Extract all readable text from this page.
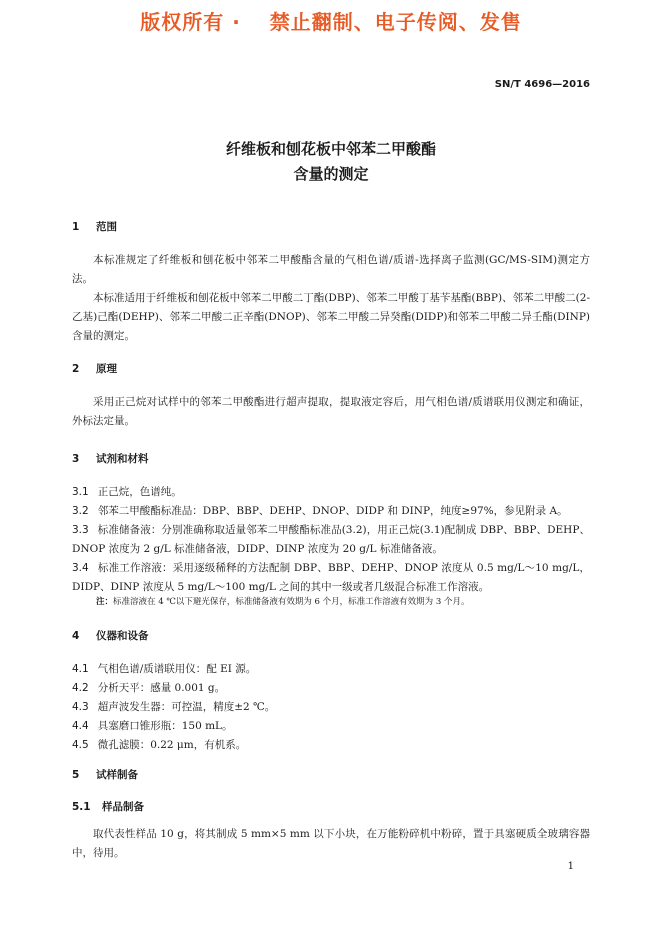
版权所有 ·　 禁止翻制、电子传阅、发售
SN/T 4696—2016
纤维板和刨花板中邻苯二甲酸酯
含量的测定
1 范围
本标准规定了纤维板和刨花板中邻苯二甲酸酯含量的气相色谱/质谱-选择离子监测(GC/MS-SIM)测定方法。
本标准适用于纤维板和刨花板中邻苯二甲酸二丁酯(DBP)、邻苯二甲酸丁基苄基酯(BBP)、邻苯二甲酸二(2-乙基)己酯(DEHP)、邻苯二甲酸二正辛酯(DNOP)、邻苯二甲酸二异癸酯(DIDP)和邻苯二甲酸二异壬酯(DINP)含量的测定。
2 原理
采用正己烷对试样中的邻苯二甲酸酯进行超声提取，提取液定容后，用气相色谱/质谱联用仪测定和确证，外标法定量。
3 试剂和材料
3.1 正己烷，色谱纯。
3.2 邻苯二甲酸酯标准品：DBP、BBP、DEHP、DNOP、DIDP 和 DINP，纯度≥97%，参见附录 A。
3.3 标准储备液：分别准确称取适量邻苯二甲酸酯标准品(3.2)，用正己烷(3.1)配制成 DBP、BBP、DEHP、DNOP 浓度为 2 g/L 标准储备液，DIDP、DINP 浓度为 20 g/L 标准储备液。
3.4 标准工作溶液：采用逐级稀释的方法配制 DBP、BBP、DEHP、DNOP 浓度从 0.5 mg/L～10 mg/L，DIDP、DINP 浓度从 5 mg/L～100 mg/L 之间的其中一级或者几级混合标准工作溶液。
注：标准溶液在 4 ℃以下避光保存，标准储备液有效期为 6 个月，标准工作溶液有效期为 3 个月。
4 仪器和设备
4.1 气相色谱/质谱联用仪：配 EI 源。
4.2 分析天平：感量 0.001 g。
4.3 超声波发生器：可控温，精度±2 ℃。
4.4 具塞磨口锥形瓶：150 mL。
4.5 微孔滤膜：0.22 μm，有机系。
5 试样制备
5.1 样品制备
取代表性样品 10 g，将其制成 5 mm×5 mm 以下小块，在万能粉碎机中粉碎，置于具塞硬质全玻璃容器中，待用。
1
